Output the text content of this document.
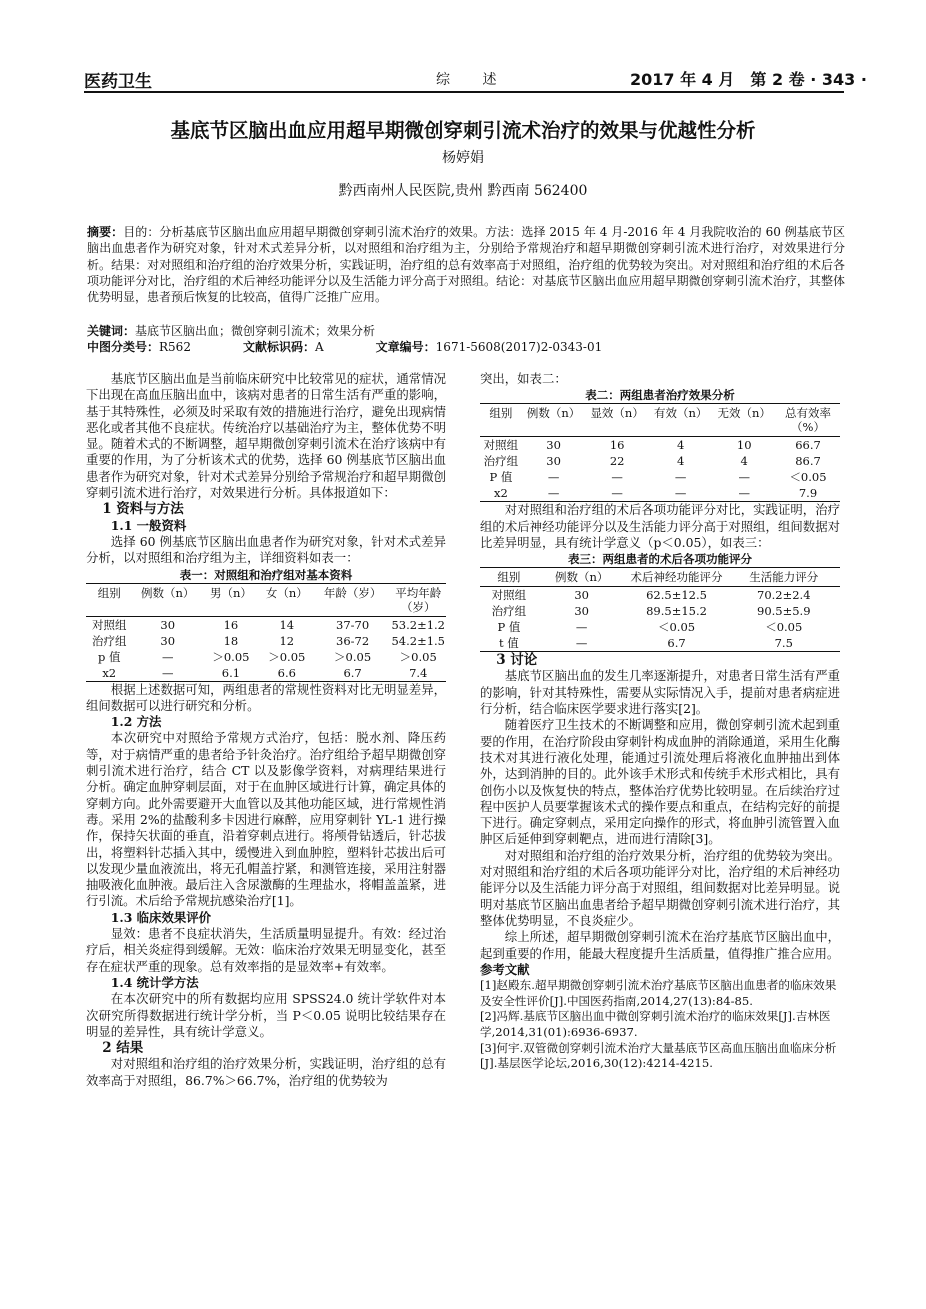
医药卫生	综 述	2017 年 4 月　第 2 卷 · 343 ·
基底节区脑出血应用超早期微创穿刺引流术治疗的效果与优越性分析
杨婷娟
黔西南州人民医院,贵州 黔西南 562400
摘要：目的：分析基底节区脑出血应用超早期微创穿刺引流术治疗的效果。方法：选择 2015 年 4 月-2016 年 4 月我院收治的 60 例基底节区脑出血患者作为研究对象，针对术式差异分析，以对照组和治疗组为主，分别给予常规治疗和超早期微创穿刺引流术进行治疗，对效果进行分析。结果：对对照组和治疗组的治疗效果分析，实践证明，治疗组的总有效率高于对照组，治疗组的优势较为突出。对对照组和治疗组的术后各项功能评分对比，治疗组的术后神经功能评分以及生活能力评分高于对照组。结论：对基底节区脑出血应用超早期微创穿刺引流术治疗，其整体优势明显，患者预后恢复的比较高，值得广泛推广应用。
关键词：基底节区脑出血；微创穿刺引流术；效果分析
中图分类号：R562	文献标识码：A	文章编号：1671-5608(2017)2-0343-01

基底节区脑出血是当前临床研究中比较常见的症状，通常情况下出现在高血压脑出血中，该病对患者的日常生活有严重的影响，基于其特殊性，必须及时采取有效的措施进行治疗，避免出现病情恶化或者其他不良症状。传统治疗以基础治疗为主，整体优势不明显。随着术式的不断调整，超早期微创穿刺引流术在治疗该病中有重要的作用，为了分析该术式的优势，选择 60 例基底节区脑出血患者作为研究对象，针对术式差异分别给予常规治疗和超早期微创穿刺引流术进行治疗，对效果进行分析。具体报道如下：

1 资料与方法

1.1 一般资料

选择 60 例基底节区脑出血患者作为研究对象，针对术式差异分析，以对照组和治疗组为主，详细资料如表一：

表一：对照组和治疗组对基本资料
组别	例数（n）	男（n）	女（n）	年龄（岁）	平均年龄（岁）
对照组	30	16	14	37-70	53.2±1.2
治疗组	30	18	12	36-72	54.2±1.5
p 值	—	＞0.05	＞0.05	＞0.05	＞0.05
x2	—	6.1	6.6	6.7	7.4

根据上述数据可知，两组患者的常规性资料对比无明显差异，组间数据可以进行研究和分析。

1.2 方法

本次研究中对照给予常规方式治疗，包括：脱水剂、降压药等，对于病情严重的患者给予针灸治疗。治疗组给予超早期微创穿刺引流术进行治疗，结合 CT 以及影像学资料，对病理结果进行分析。确定血肿穿刺层面，对于在血肿区域进行计算，确定具体的穿刺方向。此外需要避开大血管以及其他功能区域，进行常规性消毒。采用 2%的盐酸利多卡因进行麻醉，应用穿刺针 YL-1 进行操作，保持矢状面的垂直，沿着穿刺点进行。将颅骨钻透后，针芯拔出，将塑料针芯插入其中，缓慢进入到血肿腔，塑料针芯拔出后可以发现少量血液流出，将无孔帽盖拧紧，和测管连接，采用注射器抽吸液化血肿液。最后注入含尿激酶的生理盐水，将帽盖盖紧，进行引流。术后给予常规抗感染治疗[1]。

1.3 临床效果评价

显效：患者不良症状消失，生活质量明显提升。有效：经过治疗后，相关炎症得到缓解。无效：临床治疗效果无明显变化，甚至存在症状严重的现象。总有效率指的是显效率+有效率。

1.4 统计学方法

在本次研究中的所有数据均应用 SPSS24.0 统计学软件对本次研究所得数据进行统计学分析，当 P＜0.05 说明比较结果存在明显的差异性，具有统计学意义。

2 结果

对对照组和治疗组的治疗效果分析，实践证明，治疗组的总有效率高于对照组，86.7%＞66.7%，治疗组的优势较为

突出，如表二：

表二：两组患者治疗效果分析
组别	例数（n）	显效（n）	有效（n）	无效（n）	总有效率（%）
对照组	30	16	4	10	66.7
治疗组	30	22	4	4	86.7
P 值	—	—	—	—	＜0.05
x2	—	—	—	—	7.9

对对照组和治疗组的术后各项功能评分对比，实践证明，治疗组的术后神经功能评分以及生活能力评分高于对照组，组间数据对比差异明显，具有统计学意义（p＜0.05），如表三：

表三：两组患者的术后各项功能评分
组别	例数（n）	术后神经功能评分	生活能力评分
对照组	30	62.5±12.5	70.2±2.4
治疗组	30	89.5±15.2	90.5±5.9
P 值	—	＜0.05	＜0.05
t 值	—	6.7	7.5

3 讨论

基底节区脑出血的发生几率逐渐提升，对患者日常生活有严重的影响，针对其特殊性，需要从实际情况入手，提前对患者病症进行分析，结合临床医学要求进行落实[2]。

随着医疗卫生技术的不断调整和应用，微创穿刺引流术起到重要的作用，在治疗阶段由穿刺针构成血肿的消除通道，采用生化酶技术对其进行液化处理，能通过引流处理后将液化血肿抽出到体外，达到消肿的目的。此外该手术形式和传统手术形式相比，具有创伤小以及恢复快的特点，整体治疗优势比较明显。在后续治疗过程中医护人员要掌握该术式的操作要点和重点，在结构完好的前提下进行。确定穿刺点，采用定向操作的形式，将血肿引流管置入血肿区后延伸到穿刺靶点，进而进行清除[3]。

对对照组和治疗组的治疗效果分析，治疗组的优势较为突出。对对照组和治疗组的术后各项功能评分对比，治疗组的术后神经功能评分以及生活能力评分高于对照组，组间数据对比差异明显。说明对基底节区脑出血患者给予超早期微创穿刺引流术进行治疗，其整体优势明显，不良炎症少。

综上所述，超早期微创穿刺引流术在治疗基底节区脑出血中，起到重要的作用，能最大程度提升生活质量，值得推广推合应用。

参考文献

[1]赵殿东.超早期微创穿刺引流术治疗基底节区脑出血患者的临床效果及安全性评价[J].中国医药指南,2014,27(13):84-85.

[2]冯辉.基底节区脑出血中微创穿刺引流术治疗的临床效果[J].吉林医学,2014,31(01):6936-6937.

[3]何宇.双管微创穿刺引流术治疗大量基底节区高血压脑出血临床分析[J].基层医学论坛,2016,30(12):4214-4215.
